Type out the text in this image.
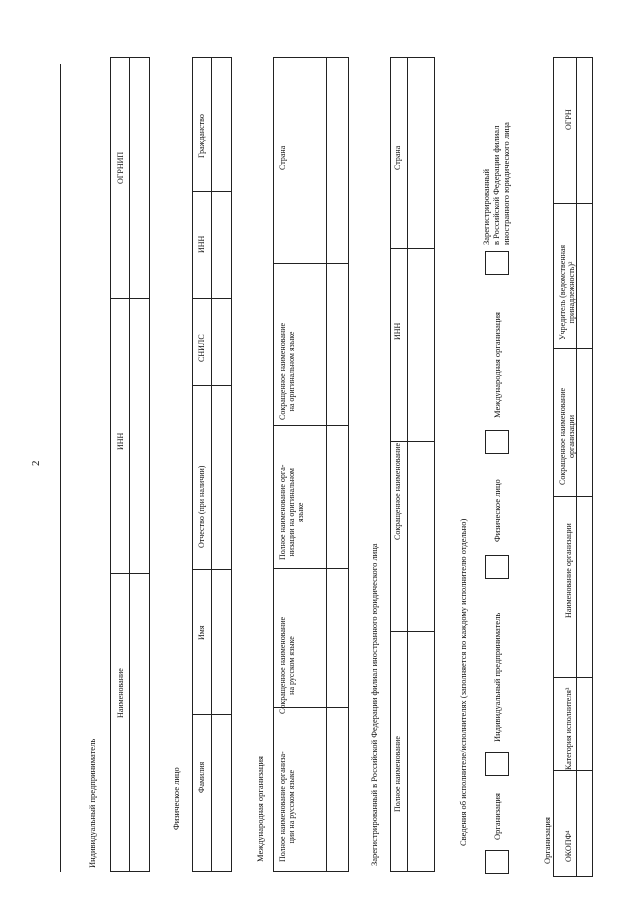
2
Индивидуальный предприниматель
Наименование
ИНН
ОГРНИП
Физическое лицо Фамилия
Имя
Отчество (при наличии)
СНИЛС
ИНН
Гражданство
Международная организация Полное наименование организа-
ции на русском языке
Сокращенное наименование
на русском языке
Полное наименование орга-
низации на оригинальном
языке
Сокращенное наименование
на оригинальном языке
Страна
Зарегистрированный в Российской Федерации филиал иностранного юридического лица Полное наименование
Сокращенное наименование
ИНН
Страна
Сведения об исполнителе/исполнителях (заполняется по каждому исполнителю отдельно)	Организация
Индивидуальный предприниматель
Физическое лицо
Международная организация
Зарегистрированный
в Российской Федерации филиал
иностранного юридического лица
Организация ОКОПФ⁴
Категория исполнителя³
Наименование организации
Сокращенное наименование
организации
Учредитель (ведомственная
принадлежность)²
ОГРН
